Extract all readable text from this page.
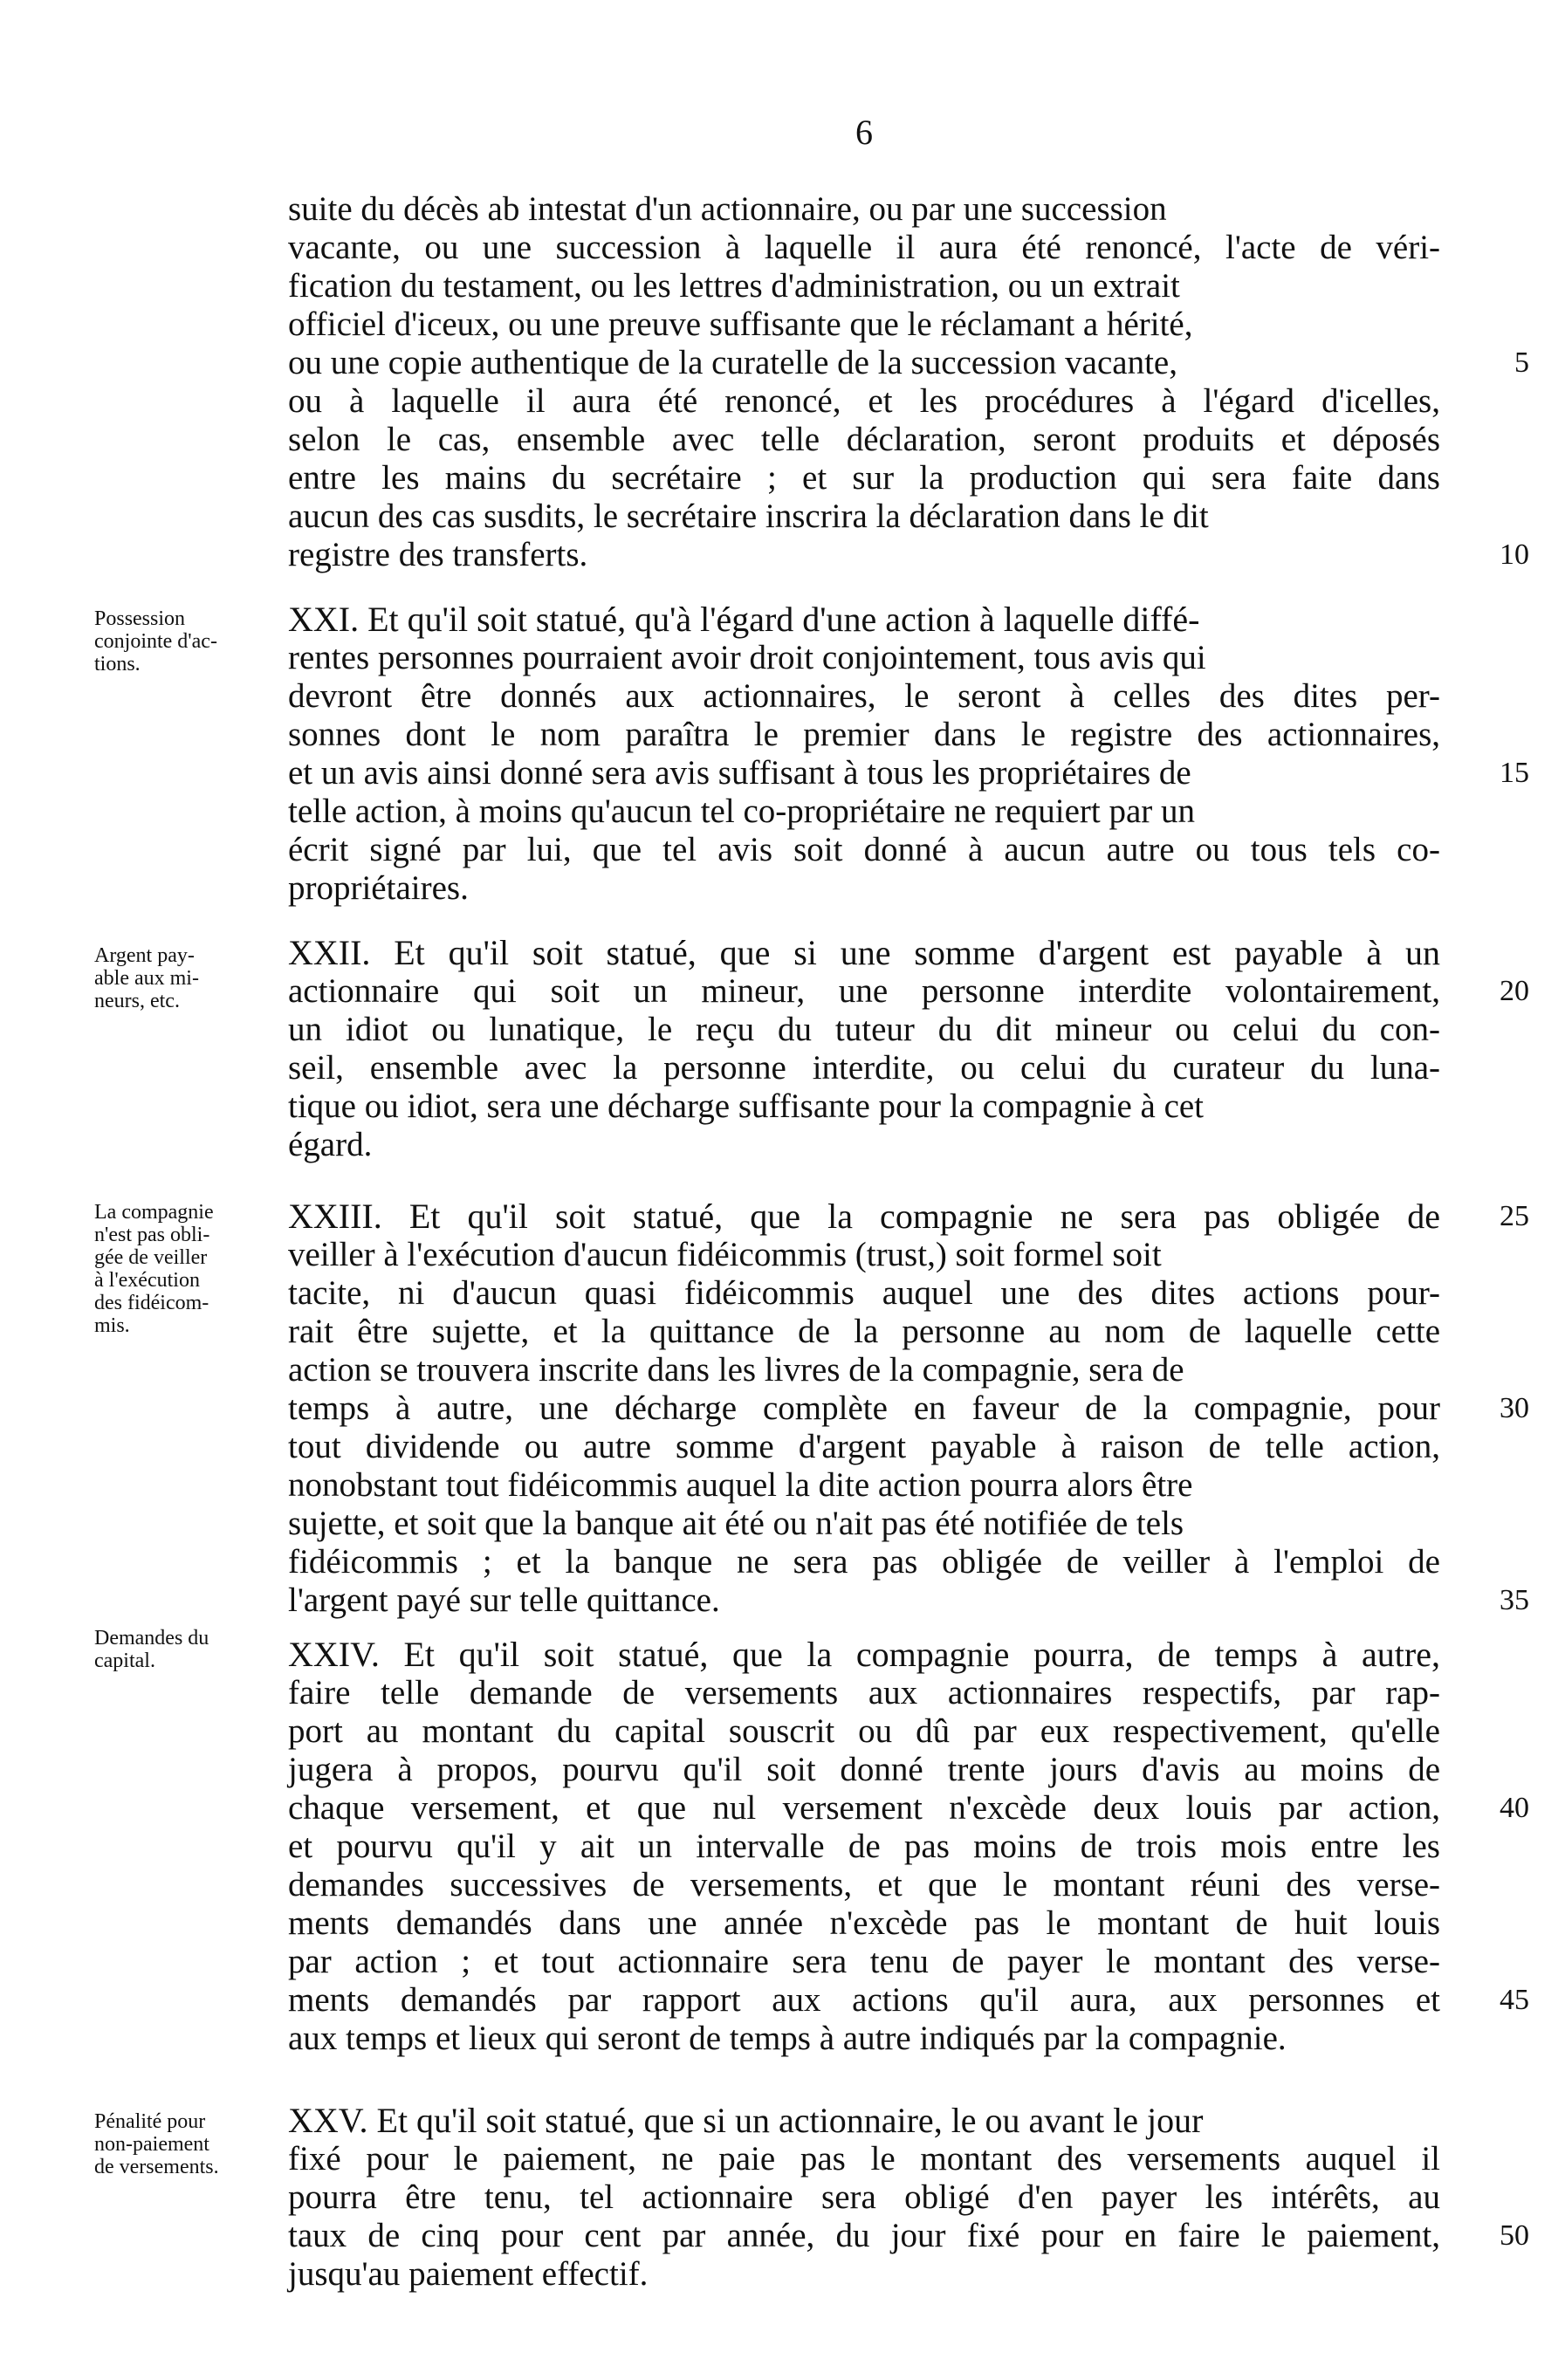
6
suite du décès ab intestat d'un actionnaire, ou par une succession
vacante, ou une succession à laquelle il aura été renoncé, l'acte de véri-
fication du testament, ou les lettres d'administration, ou un extrait
officiel d'iceux, ou une preuve suffisante que le réclamant a hérité,
ou une copie authentique de la curatelle de la succession vacante,	5
ou à laquelle il aura été renoncé, et les procédures à l'égard d'icelles,
selon le cas, ensemble avec telle déclaration, seront produits et déposés
entre les mains du secrétaire ; et sur la production qui sera faite dans
aucun des cas susdits, le secrétaire inscrira la déclaration dans le dit
registre des transferts.	10
Possession
conjointe d'ac-
tions.
XXI. Et qu'il soit statué, qu'à l'égard d'une action à laquelle diffé-
rentes personnes pourraient avoir droit conjointement, tous avis qui
devront être donnés aux actionnaires, le seront à celles des dites per-
sonnes dont le nom paraîtra le premier dans le registre des actionnaires,
et un avis ainsi donné sera avis suffisant à tous les propriétaires de	15
telle action, à moins qu'aucun tel co-propriétaire ne requiert par un
écrit signé par lui, que tel avis soit donné à aucun autre ou tous tels co-
propriétaires.
Argent pay-
able aux mi-
neurs, etc.
XXII. Et qu'il soit statué, que si une somme d'argent est payable à un
actionnaire qui soit un mineur, une personne interdite volontairement,	20
un idiot ou lunatique, le reçu du tuteur du dit mineur ou celui du con-
seil, ensemble avec la personne interdite, ou celui du curateur du luna-
tique ou idiot, sera une décharge suffisante pour la compagnie à cet
égard.
La compagnie
n'est pas obli-
gée de veiller
à l'exécution
des fidéicom-
mis.
XXIII. Et qu'il soit statué, que la compagnie ne sera pas obligée de	25
veiller à l'exécution d'aucun fidéicommis (trust,) soit formel soit
tacite, ni d'aucun quasi fidéicommis auquel une des dites actions pour-
rait être sujette, et la quittance de la personne au nom de laquelle cette
action se trouvera inscrite dans les livres de la compagnie, sera de
temps à autre, une décharge complète en faveur de la compagnie, pour	30
tout dividende ou autre somme d'argent payable à raison de telle action,
nonobstant tout fidéicommis auquel la dite action pourra alors être
sujette, et soit que la banque ait été ou n'ait pas été notifiée de tels
fidéicommis ; et la banque ne sera pas obligée de veiller à l'emploi de
l'argent payé sur telle quittance.	35
Demandes du
capital.	XXIV. Et qu'il soit statué, que la compagnie pourra, de temps à autre,
faire telle demande de versements aux actionnaires respectifs, par rap-
port au montant du capital souscrit ou dû par eux respectivement, qu'elle
jugera à propos, pourvu qu'il soit donné trente jours d'avis au moins de
chaque versement, et que nul versement n'excède deux louis par action,	40
et pourvu qu'il y ait un intervalle de pas moins de trois mois entre les
demandes successives de versements, et que le montant réuni des verse-
ments demandés dans une année n'excède pas le montant de huit louis
par action ; et tout actionnaire sera tenu de payer le montant des verse-
ments demandés par rapport aux actions qu'il aura, aux personnes et	45
aux temps et lieux qui seront de temps à autre indiqués par la compagnie.
Pénalité pour
non-paiement
de versements.
XXV. Et qu'il soit statué, que si un actionnaire, le ou avant le jour
fixé pour le paiement, ne paie pas le montant des versements auquel il
pourra être tenu, tel actionnaire sera obligé d'en payer les intérêts, au
taux de cinq pour cent par année, du jour fixé pour en faire le paiement,	50
jusqu'au paiement effectif.
